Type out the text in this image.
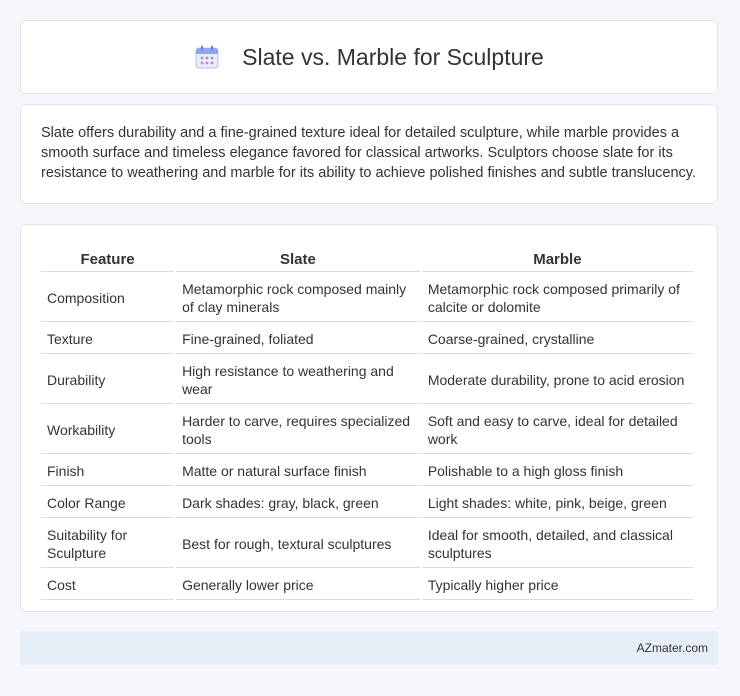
Slate vs. Marble for Sculpture

Slate offers durability and a fine-grained texture ideal for detailed sculpture, while marble provides a smooth surface and timeless elegance favored for classical artworks. Sculptors choose slate for its resistance to weathering and marble for its ability to achieve polished finishes and subtle translucency.

Feature	Slate	Marble
Composition	Metamorphic rock composed mainly of clay minerals	Metamorphic rock composed primarily of calcite or dolomite
Texture	Fine-grained, foliated	Coarse-grained, crystalline
Durability	High resistance to weathering and wear	Moderate durability, prone to acid erosion
Workability	Harder to carve, requires specialized tools	Soft and easy to carve, ideal for detailed work
Finish	Matte or natural surface finish	Polishable to a high gloss finish
Color Range	Dark shades: gray, black, green	Light shades: white, pink, beige, green
Suitability for Sculpture	Best for rough, textural sculptures	Ideal for smooth, detailed, and classical sculptures
Cost	Generally lower price	Typically higher price
AZmater.com
